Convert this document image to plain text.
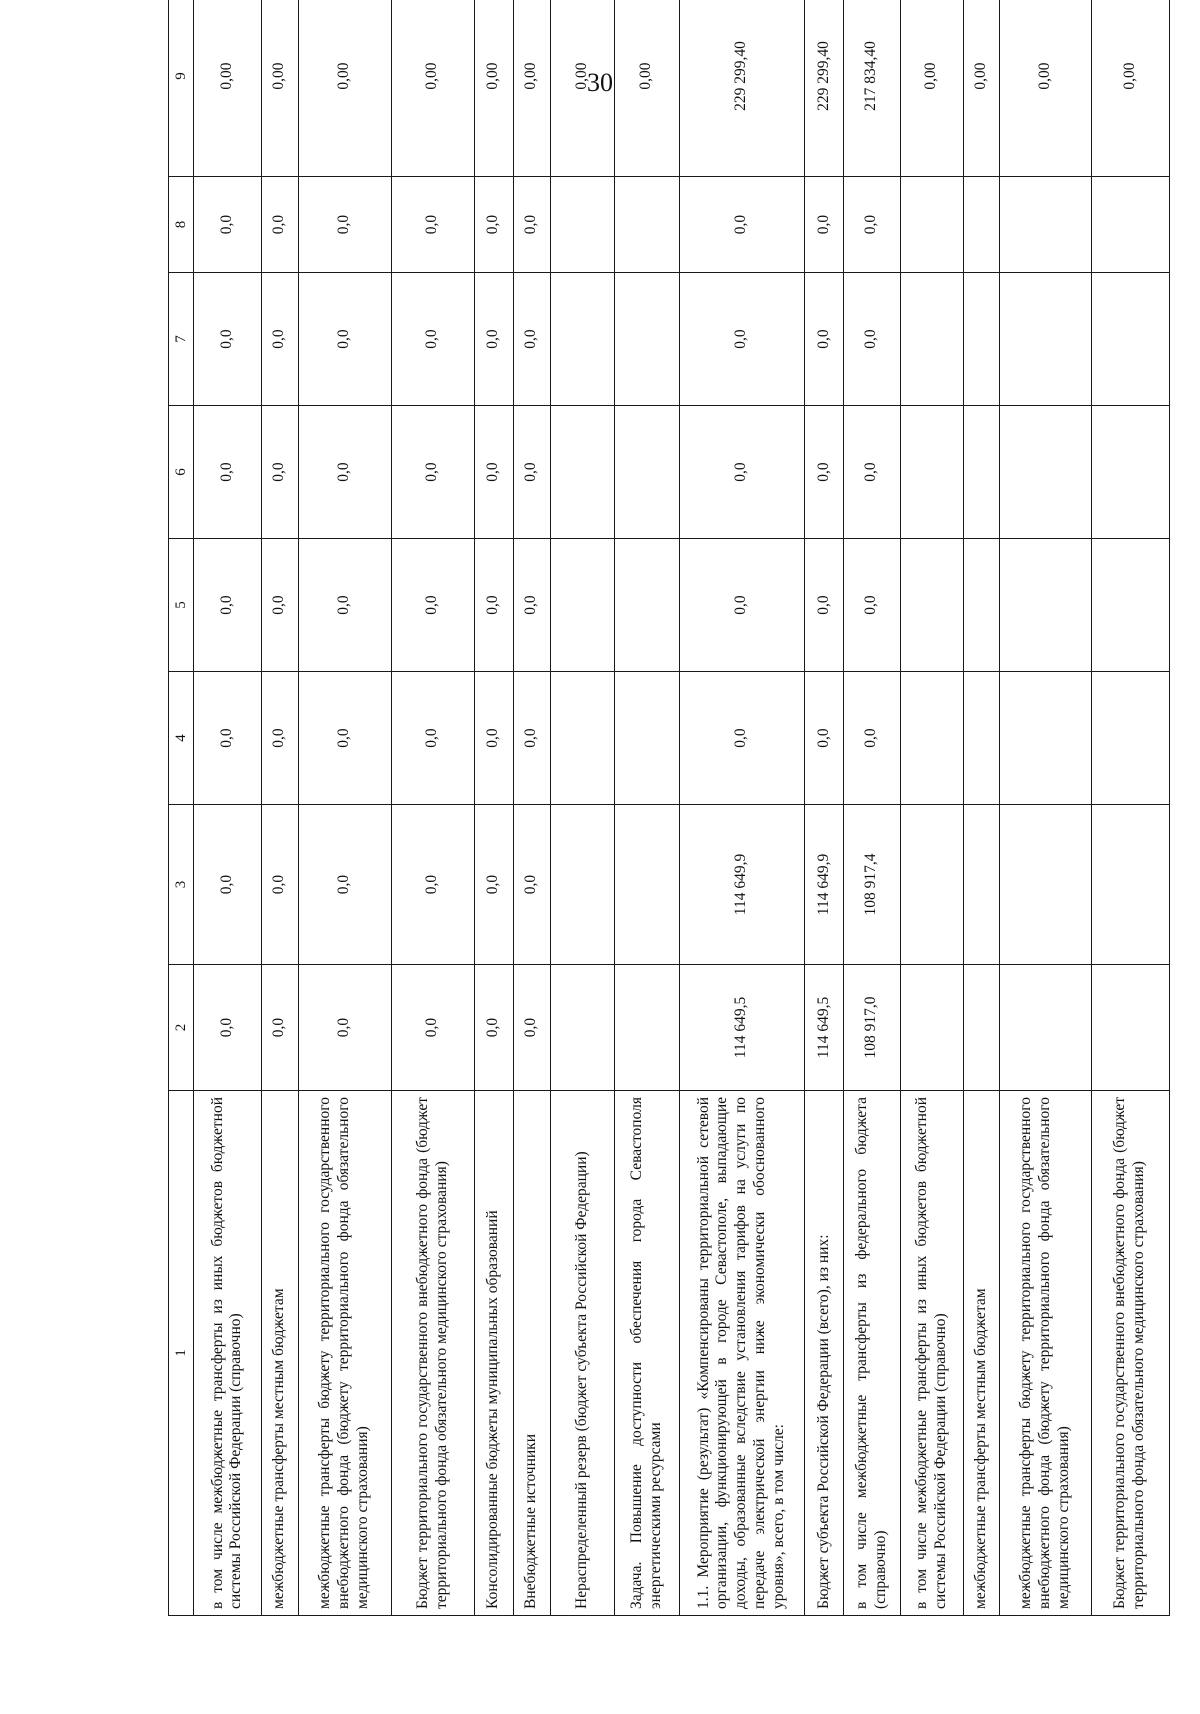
30
1	2	3	4	5	6	7	8	9
в том числе межбюджетные трансферты из иных бюджетов бюджетной системы Российской Федерации (справочно)	0,0	0,0	0,0	0,0	0,0	0,0	0,0	0,00
межбюджетные трансферты местным бюджетам	0,0	0,0	0,0	0,0	0,0	0,0	0,0	0,00
межбюджетные трансферты бюджету территориального государственного внебюджетного фонда (бюджету территориального фонда обязательного медицинского страхования)	0,0	0,0	0,0	0,0	0,0	0,0	0,0	0,00
Бюджет территориального государственного внебюджетного фонда (бюджет территориального фонда обязательного медицинского страхования)	0,0	0,0	0,0	0,0	0,0	0,0	0,0	0,00
Консолидированные бюджеты муниципальных образований	0,0	0,0	0,0	0,0	0,0	0,0	0,0	0,00
Внебюджетные источники	0,0	0,0	0,0	0,0	0,0	0,0	0,0	0,00
Нераспределенный резерв (бюджет субъекта Российской Федерации)								0,00
Задача. Повышение доступности обеспечения города Севастополя энергетическими ресурсами								0,00
1.1. Мероприятие (результат) «Компенсированы территориальной сетевой организации, функционирующей в городе Севастополе, выпадающие доходы, образованные вследствие установления тарифов на услуги по передаче электрической энергии ниже экономически обоснованного уровня», всего, в том числе:	114 649,5	114 649,9	0,0	0,0	0,0	0,0	0,0	229 299,40
Бюджет субъекта Российской Федерации (всего), из них:	114 649,5	114 649,9	0,0	0,0	0,0	0,0	0,0	229 299,40
в том числе межбюджетные трансферты из федерального бюджета (справочно)	108 917,0	108 917,4	0,0	0,0	0,0	0,0	0,0	217 834,40
в том числе межбюджетные трансферты из иных бюджетов бюджетной системы Российской Федерации (справочно)								0,00
межбюджетные трансферты местным бюджетам								0,00
межбюджетные трансферты бюджету территориального государственного внебюджетного фонда (бюджету территориального фонда обязательного медицинского страхования)								0,00
Бюджет территориального государственного внебюджетного фонда (бюджет территориального фонда обязательного медицинского страхования)								0,00
